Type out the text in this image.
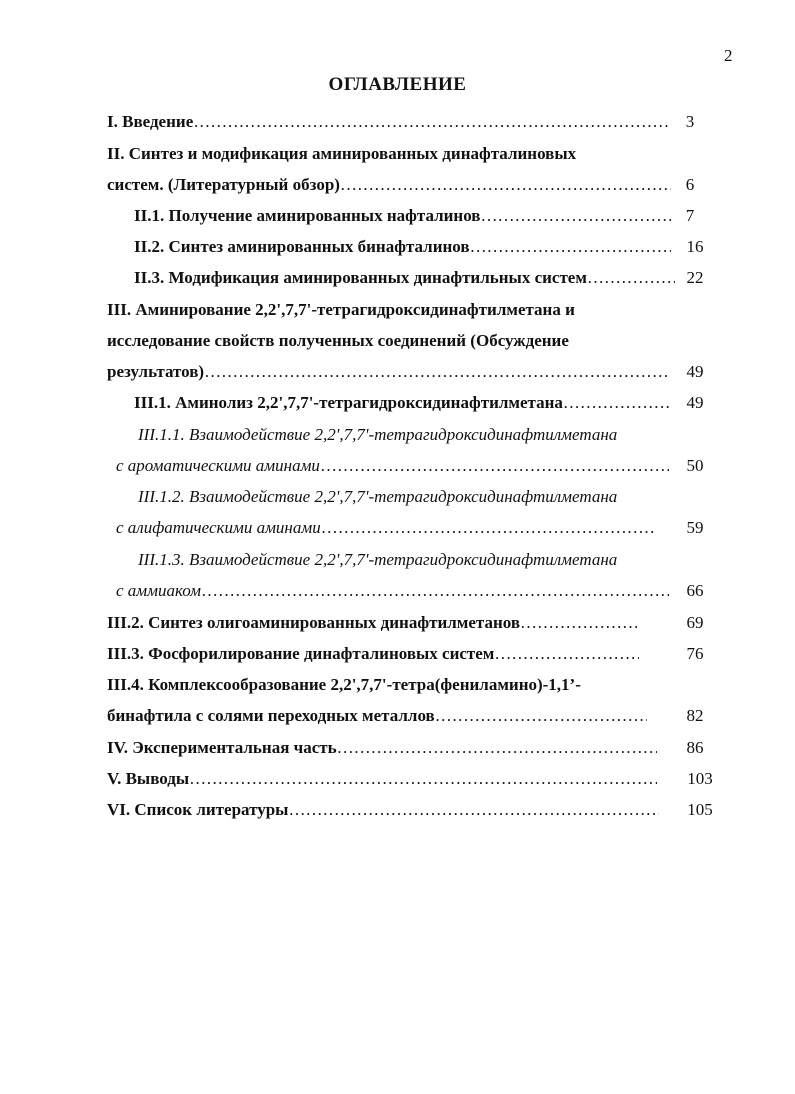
2
ОГЛАВЛЕНИЕ
I. Введение ……………………………………………………………………………………………………………………………………………………………………………………	3
II. Синтез и модификация аминированных динафталиновых
систем. (Литературный обзор) ……………………………………………………………………………………………………………………………………………………………………………………	6
II.1. Получение аминированных нафталинов ……………………………………………………………………………………………………………………………………………………………………………………	7
II.2. Синтез аминированных бинафталинов ……………………………………………………………………………………………………………………………………………………………………………………	16
II.3. Модификация аминированных динафтильных систем ……………………………………………………………………………………………………………………………………………………………………………………	22
III. Аминирование 2,2',7,7'-тетрагидроксидинафтилметана и
исследование свойств полученных соединений (Обсуждение
результатов) ……………………………………………………………………………………………………………………………………………………………………………………	49
III.1. Аминолиз 2,2',7,7'-тетрагидроксидинафтилметана ……………………………………………………………………………………………………………………………………………………………………………………	49
III.1.1. Взаимодействие 2,2',7,7'-тетрагидроксидинафтилметана
с ароматическими аминами ……………………………………………………………………………………………………………………………………………………………………………………	50
III.1.2. Взаимодействие 2,2',7,7'-тетрагидроксидинафтилметана
с алифатическими аминами ……………………………………………………………………………………………………………………………………………………………………………………	59
III.1.3. Взаимодействие 2,2',7,7'-тетрагидроксидинафтилметана
с аммиаком ……………………………………………………………………………………………………………………………………………………………………………………	66
III.2. Синтез олигоаминированных динафтилметанов ……………………………………………………………………………………………………………………………………………………………………………………	69
III.3. Фосфорилирование динафталиновых систем ……………………………………………………………………………………………………………………………………………………………………………………	76
III.4. Комплексообразование 2,2',7,7'-тетра(фениламино)-1,1’-
бинафтила с солями переходных металлов ……………………………………………………………………………………………………………………………………………………………………………………	82
IV. Экспериментальная часть ……………………………………………………………………………………………………………………………………………………………………………………	86
V. Выводы ……………………………………………………………………………………………………………………………………………………………………………………	103
VI. Список литературы ……………………………………………………………………………………………………………………………………………………………………………………	105
